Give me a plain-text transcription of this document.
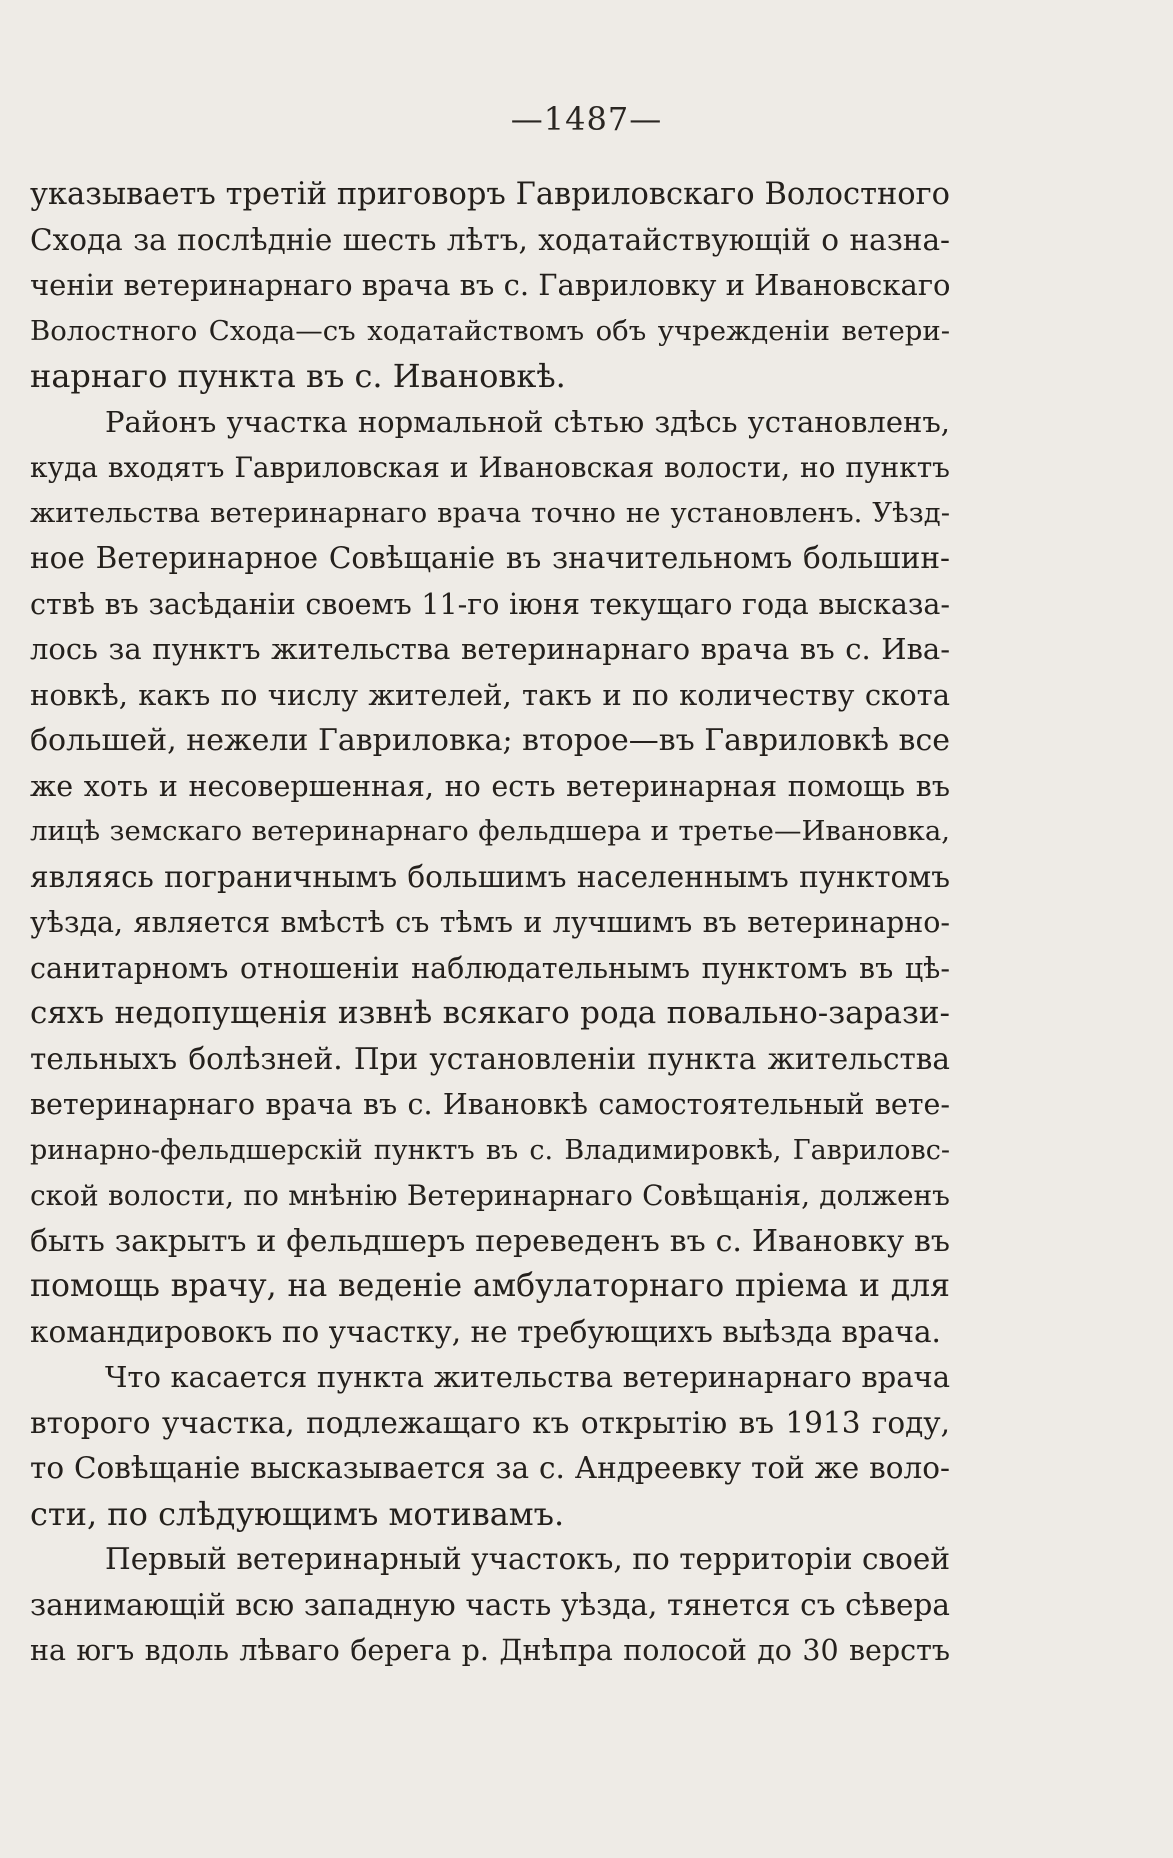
—1487—
указываетъ третій приговоръ Гавриловскаго Волостного
Схода за послѣдніе шесть лѣтъ, ходатайствующій о назна-
ченіи ветеринарнаго врача въ с. Гавриловку и Ивановскаго
Волостного Схода—съ ходатайствомъ объ учрежденіи ветери-
нарнаго пункта въ с. Ивановкѣ.
Районъ участка нормальной сѣтью здѣсь установленъ,
куда входятъ Гавриловская и Ивановская волости, но пунктъ
жительства ветеринарнаго врача точно не установленъ. Уѣзд-
ное Ветеринарное Совѣщаніе въ значительномъ большин-
ствѣ въ засѣданіи своемъ 11-го іюня текущаго года высказа-
лось за пунктъ жительства ветеринарнаго врача въ с. Ива-
новкѣ, какъ по числу жителей, такъ и по количеству скота
большей, нежели Гавриловка; второе—въ Гавриловкѣ все
же хоть и несовершенная, но есть ветеринарная помощь въ
лицѣ земскаго ветеринарнаго фельдшера и третье—Ивановка,
являясь пограничнымъ большимъ населеннымъ пунктомъ
уѣзда, является вмѣстѣ съ тѣмъ и лучшимъ въ ветеринарно-
санитарномъ отношеніи наблюдательнымъ пунктомъ въ цѣ-
сяхъ недопущенія извнѣ всякаго рода повально-зарази-
тельныхъ болѣзней. При установленіи пункта жительства
ветеринарнаго врача въ с. Ивановкѣ самостоятельный вете-
ринарно-фельдшерскій пунктъ въ с. Владимировкѣ, Гавриловс-
ской волости, по мнѣнію Ветеринарнаго Совѣщанія, долженъ
быть закрытъ и фельдшеръ переведенъ въ с. Ивановку въ
помощь врачу, на веденіе амбулаторнаго пріема и для
командировокъ по участку, не требующихъ выѣзда врача.
Что касается пункта жительства ветеринарнаго врача
второго участка, подлежащаго къ открытію въ 1913 году,
то Совѣщаніе высказывается за с. Андреевку той же воло-
сти, по слѣдующимъ мотивамъ.
Первый ветеринарный участокъ, по территоріи своей
занимающій всю западную часть уѣзда, тянется съ сѣвера
на югъ вдоль лѣваго берега р. Днѣпра полосой до 30 верстъ
